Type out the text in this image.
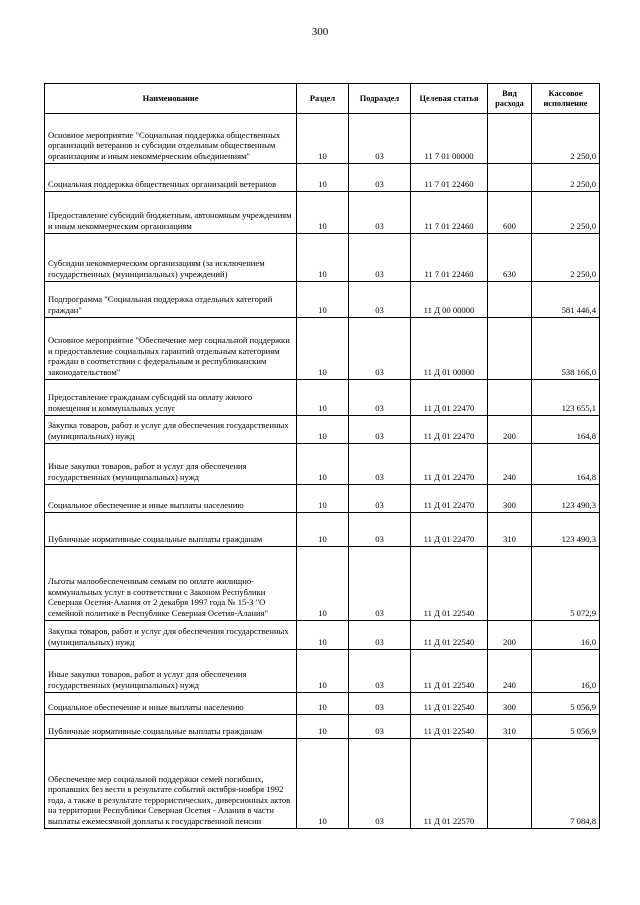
300
Наименование	Раздел	Подраздел	Целевая статья	Вид расхода	Кассовое исполнение
Основное мероприятие "Социальная поддержка общественных организаций ветеранов и субсидии отдельным общественным организациям и иным некоммерческим объединениям"	10	03	11 7 01 00000		2 250,0
Социальная поддержка общественных организаций ветеранов	10	03	11 7 01 22460		2 250,0
Предоставление субсидий бюджетным, автономным учреждениям и иным некоммерческим организациям	10	03	11 7 01 22460	600	2 250,0
Субсидии некоммерческим организациям (за исключением государственных (муниципальных) учреждений)	10	03	11 7 01 22460	630	2 250,0
Подпрограмма "Социальная поддержка отдельных категорий граждан"	10	03	11 Д 00 00000		581 446,4
Основное мероприятие "Обеспечение мер социальной поддержки и предоставление социальных гарантий отдельным категориям граждан в соответствии с федеральным и республиканским законодательством"	10	03	11 Д 01 00000		538 166,0
Предоставление гражданам субсидий на оплату жилого помещения и коммунальных услуг	10	03	11 Д 01 22470		123 655,1
Закупка товаров, работ и услуг для обеспечения государственных (муниципальных) нужд	10	03	11 Д 01 22470	200	164,8
Иные закупки товаров, работ и услуг для обеспечения государственных (муниципальных) нужд	10	03	11 Д 01 22470	240	164,8
Социальное обеспечение и иные выплаты населению	10	03	11 Д 01 22470	300	123 490,3
Публичные нормативные социальные выплаты гражданам	10	03	11 Д 01 22470	310	123 490,3
Льготы малообеспеченным семьям по оплате жилищно-коммунальных услуг в соответствии с Законом Республики Северная Осетия-Алания от 2 декабря 1997 года № 15-З "О семейной политике в Республике Северная Осетия-Алания"	10	03	11 Д 01 22540		5 072,9
Закупка товаров, работ и услуг для обеспечения государственных (муниципальных) нужд	10	03	11 Д 01 22540	200	16,0
Иные закупки товаров, работ и услуг для обеспечения государственных (муниципальных) нужд	10	03	11 Д 01 22540	240	16,0
Социальное обеспечение и иные выплаты населению	10	03	11 Д 01 22540	300	5 056,9
Публичные нормативные социальные выплаты гражданам	10	03	11 Д 01 22540	310	5 056,9
Обеспечение мер социальной поддержки семей погибших, пропавших без вести в результате событий октября-ноября 1992 года, а также в результате террористических, диверсионных актов на территории Республики Северная Осетия - Алания в части выплаты ежемесячной доплаты к государственной пенсии	10	03	11 Д 01 22570		7 084,8
